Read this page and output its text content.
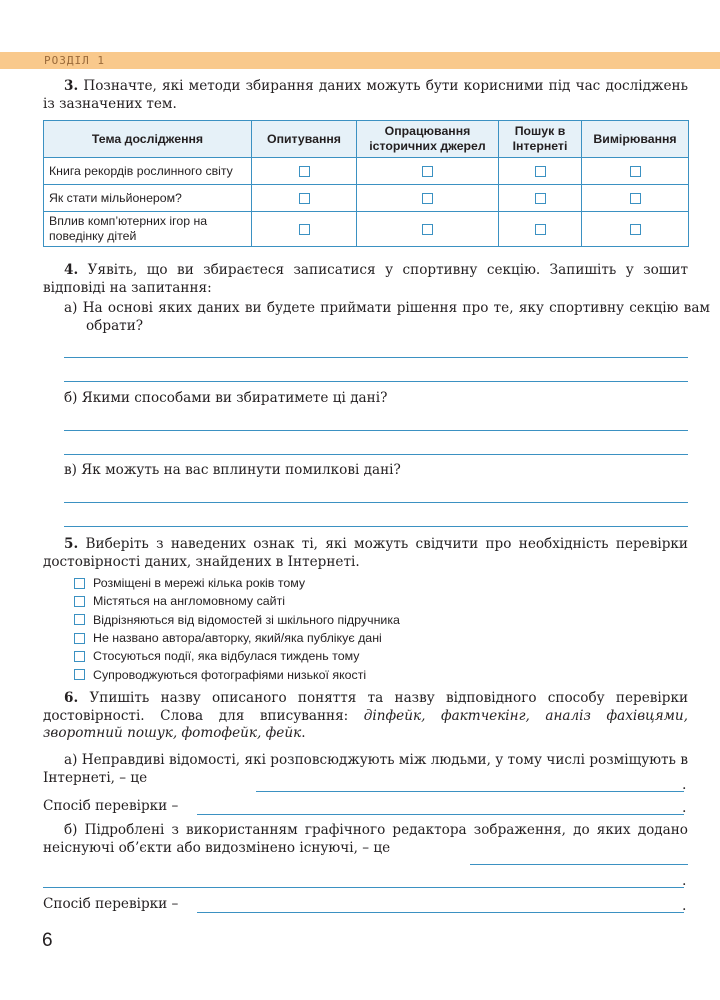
РОЗДІЛ 1

3. Позначте, які методи збирання даних можуть бути корисними під час досліджень із зазначених тем.

Тема дослідження	Опитування	Опрацювання історичних джерел	Пошук в Інтернеті	Вимірювання
Книга рекордів рослинного світу				
Як стати мільйонером?				
Вплив комп’ютерних ігор на поведінку дітей				

4. Уявіть, що ви збираєтеся записатися у спортивну секцію. Запишіть у зошит відповіді на запитання:

а) На основі яких даних ви будете приймати рішення про те, яку спортивну секцію вам обрати?

б) Якими способами ви збиратимете ці дані?

в) Як можуть на вас вплинути помилкові дані?

5. Виберіть з наведених ознак ті, які можуть свідчити про необхідність перевірки достовірності даних, знайдених в Інтернеті.

Розміщені в мережі кілька років тому
Містяться на англомовному сайті
Відрізняються від відомостей зі шкільного підручника
Не названо автора/авторку, який/яка публікує дані
Стосуються події, яка відбулася тиждень тому
Супроводжуються фотографіями низької якості

6. Упишіть назву описаного поняття та назву відповідного способу перевірки достовірності. Слова для вписування: діпфейк, фактчекінг, аналіз фахівцями, зворотний пошук, фотофейк, фейк.

а) Неправдиві відомості, які розповсюджують між людьми, у тому числі розміщують в Інтернеті, – це	.

Спосіб перевірки –	.

б) Підроблені з використанням графічного редактора зображення, до яких додано неіснуючі об’єкти або видозмінено існуючі, – це

.

Спосіб перевірки –	.
6
